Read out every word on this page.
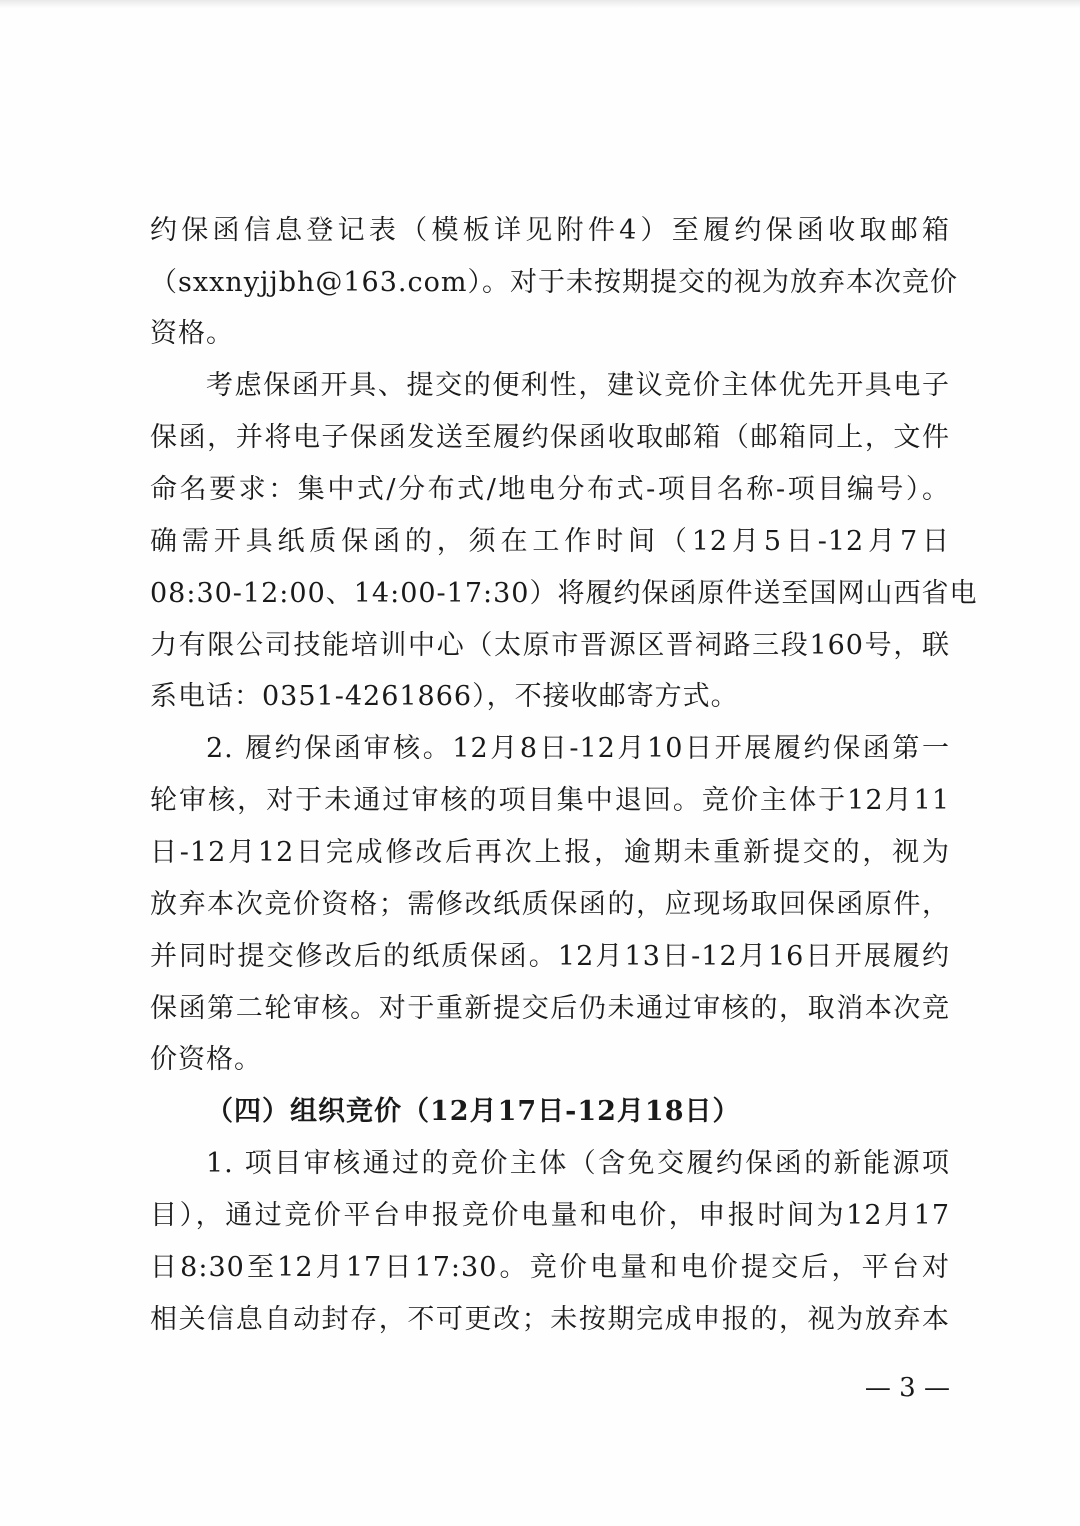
约保函信息登记表（模板详见附件4）至履约保函收取邮箱
（sxxnyjjbh@163.com）。对于未按期提交的视为放弃本次竞价
资格。
考虑保函开具、提交的便利性，建议竞价主体优先开具电子
保函，并将电子保函发送至履约保函收取邮箱（邮箱同上，文件
命名要求：集中式/分布式/地电分布式-项目名称-项目编号）。
确需开具纸质保函的，须在工作时间（12月5日-12月7日
08:30-12:00、14:00-17:30）将履约保函原件送至国网山西省电
力有限公司技能培训中心（太原市晋源区晋祠路三段160号，联
系电话：0351-4261866），不接收邮寄方式。
2. 履约保函审核。12月8日-12月10日开展履约保函第一
轮审核，对于未通过审核的项目集中退回。竞价主体于12月11
日-12月12日完成修改后再次上报，逾期未重新提交的，视为
放弃本次竞价资格；需修改纸质保函的，应现场取回保函原件，
并同时提交修改后的纸质保函。12月13日-12月16日开展履约
保函第二轮审核。对于重新提交后仍未通过审核的，取消本次竞
价资格。
（四）组织竞价（12月17日-12月18日）
1. 项目审核通过的竞价主体（含免交履约保函的新能源项
目），通过竞价平台申报竞价电量和电价，申报时间为12月17
日8:30至12月17日17:30。竞价电量和电价提交后，平台对
相关信息自动封存，不可更改；未按期完成申报的，视为放弃本
— 3 —
